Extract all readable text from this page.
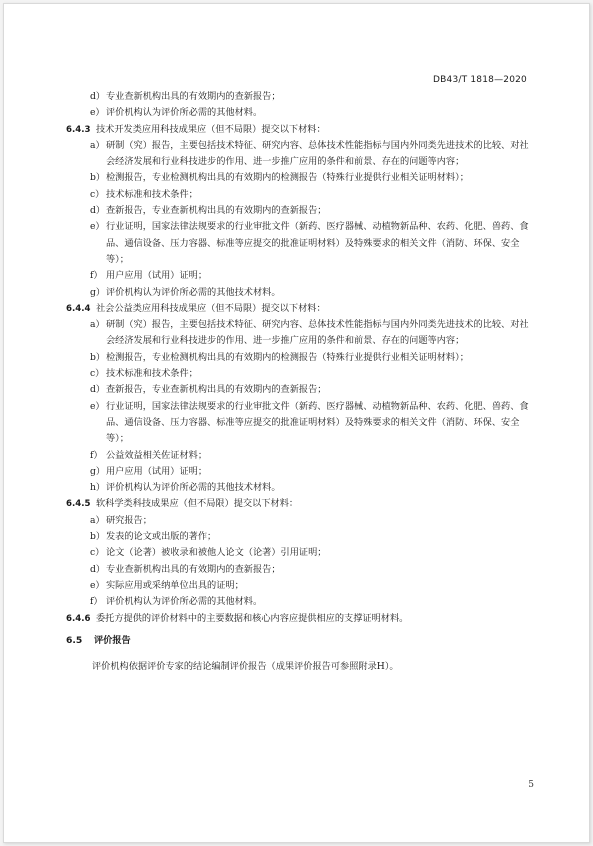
DB43/T 1818—2020
d）专业查新机构出具的有效期内的查新报告；
e）评价机构认为评价所必需的其他材料。
6.4.3 技术开发类应用科技成果应（但不局限）提交以下材料：
a）研制（究）报告，主要包括技术特征、研究内容、总体技术性能指标与国内外同类先进技术的比较、对社会经济发展和行业科技进步的作用、进一步推广应用的条件和前景、存在的问题等内容；
b）检测报告，专业检测机构出具的有效期内的检测报告（特殊行业提供行业相关证明材料）；
c） 技术标准和技术条件；
d）查新报告，专业查新机构出具的有效期内的查新报告；
e）行业证明，国家法律法规要求的行业审批文件（新药、医疗器械、动植物新品种、农药、化肥、兽药、食品、通信设备、压力容器、标准等应提交的批准证明材料）及特殊要求的相关文件（消防、环保、安全等）；
f） 用户应用（试用）证明；
g）评价机构认为评价所必需的其他技术材料。
6.4.4 社会公益类应用科技成果应（但不局限）提交以下材料：
a）研制（究）报告，主要包括技术特征、研究内容、总体技术性能指标与国内外同类先进技术的比较、对社会经济发展和行业科技进步的作用、进一步推广应用的条件和前景、存在的问题等内容；
b）检测报告，专业检测机构出具的有效期内的检测报告（特殊行业提供行业相关证明材料）；
c） 技术标准和技术条件；
d）查新报告，专业查新机构出具的有效期内的查新报告；
e）行业证明，国家法律法规要求的行业审批文件（新药、医疗器械、动植物新品种、农药、化肥、兽药、食品、通信设备、压力容器、标准等应提交的批准证明材料）及特殊要求的相关文件（消防、环保、安全等）；
f） 公益效益相关佐证材料；
g）用户应用（试用）证明；
h）评价机构认为评价所必需的其他技术材料。
6.4.5 软科学类科技成果应（但不局限）提交以下材料：
a）研究报告；
b）发表的论文或出版的著作；
c） 论文（论著）被收录和被他人论文（论著）引用证明；
d）专业查新机构出具的有效期内的查新报告；
e）实际应用或采纳单位出具的证明；
f） 评价机构认为评价所必需的其他材料。
6.4.6 委托方提供的评价材料中的主要数据和核心内容应提供相应的支撑证明材料。
6.5 评价报告
评价机构依据评价专家的结论编制评价报告（成果评价报告可参照附录H）。
5
